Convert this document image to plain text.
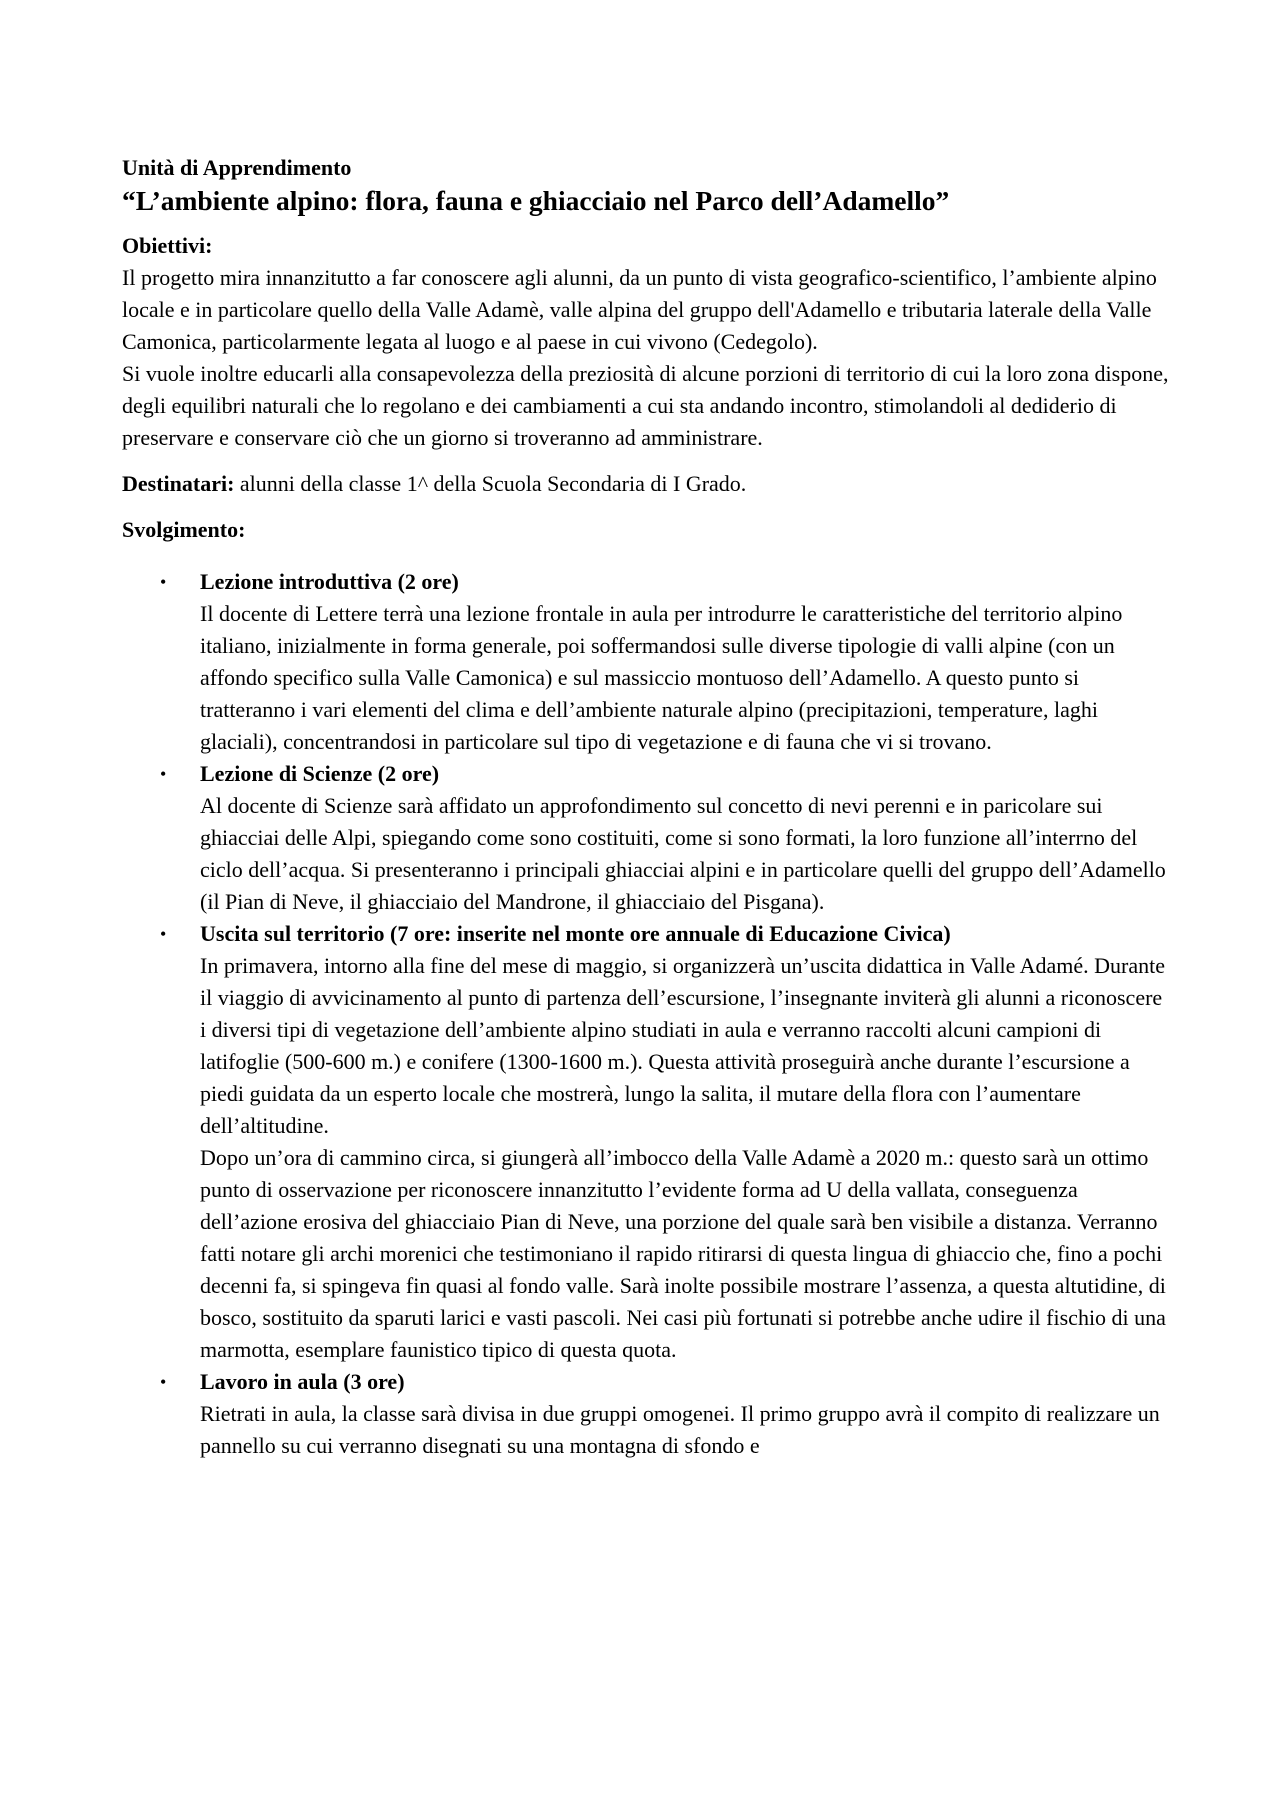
Unità di Apprendimento
“L’ambiente alpino: flora, fauna e ghiacciaio nel Parco dell’Adamello”
Obiettivi:

Il progetto mira innanzitutto a far conoscere agli alunni, da un punto di vista geografico-scientifico, l’ambiente alpino locale e in particolare quello della Valle Adamè, valle alpina del gruppo dell'Adamello e tributaria laterale della Valle Camonica, particolarmente legata al luogo e al paese in cui vivono (Cedegolo).

Si vuole inoltre educarli alla consapevolezza della preziosità di alcune porzioni di territorio di cui la loro zona dispone, degli equilibri naturali che lo regolano e dei cambiamenti a cui sta andando incontro, stimolandoli al dediderio di preservare e conservare ciò che un giorno si troveranno ad amministrare.

Destinatari: alunni della classe 1^ della Scuola Secondaria di I Grado.
Svolgimento:
• Lezione introduttiva (2 ore)
Il docente di Lettere terrà una lezione frontale in aula per introdurre le caratteristiche del territorio alpino italiano, inizialmente in forma generale, poi soffermandosi sulle diverse tipologie di valli alpine (con un affondo specifico sulla Valle Camonica) e sul massiccio montuoso dell’Adamello. A questo punto si tratteranno i vari elementi del clima e dell’ambiente naturale alpino (precipitazioni, temperature, laghi glaciali), concentrandosi in particolare sul tipo di vegetazione e di fauna che vi si trovano.
• Lezione di Scienze (2 ore)
Al docente di Scienze sarà affidato un approfondimento sul concetto di nevi perenni e in paricolare sui ghiacciai delle Alpi, spiegando come sono costituiti, come si sono formati, la loro funzione all’interrno del ciclo dell’acqua. Si presenteranno i principali ghiacciai alpini e in particolare quelli del gruppo dell’Adamello (il Pian di Neve, il ghiacciaio del Mandrone, il ghiacciaio del Pisgana).
• Uscita sul territorio (7 ore: inserite nel monte ore annuale di Educazione Civica)
In primavera, intorno alla fine del mese di maggio, si organizzerà un’uscita didattica in Valle Adamé. Durante il viaggio di avvicinamento al punto di partenza dell’escursione, l’insegnante inviterà gli alunni a riconoscere i diversi tipi di vegetazione dell’ambiente alpino studiati in aula e verranno raccolti alcuni campioni di latifoglie (500-600 m.) e conifere (1300-1600 m.). Questa attività proseguirà anche durante l’escursione a piedi guidata da un esperto locale che mostrerà, lungo la salita, il mutare della flora con l’aumentare dell’altitudine.
Dopo un’ora di cammino circa, si giungerà all’imbocco della Valle Adamè a 2020 m.: questo sarà un ottimo punto di osservazione per riconoscere innanzitutto l’evidente forma ad U della vallata, conseguenza dell’azione erosiva del ghiacciaio Pian di Neve, una porzione del quale sarà ben visibile a distanza. Verranno fatti notare gli archi morenici che testimoniano il rapido ritirarsi di questa lingua di ghiaccio che, fino a pochi decenni fa, si spingeva fin quasi al fondo valle. Sarà inolte possibile mostrare l’assenza, a questa altutidine, di bosco, sostituito da sparuti larici e vasti pascoli. Nei casi più fortunati si potrebbe anche udire il fischio di una marmotta, esemplare faunistico tipico di questa quota.
• Lavoro in aula (3 ore)
Rietrati in aula, la classe sarà divisa in due gruppi omogenei. Il primo gruppo avrà il compito di realizzare un pannello su cui verranno disegnati su una montagna di sfondo e
